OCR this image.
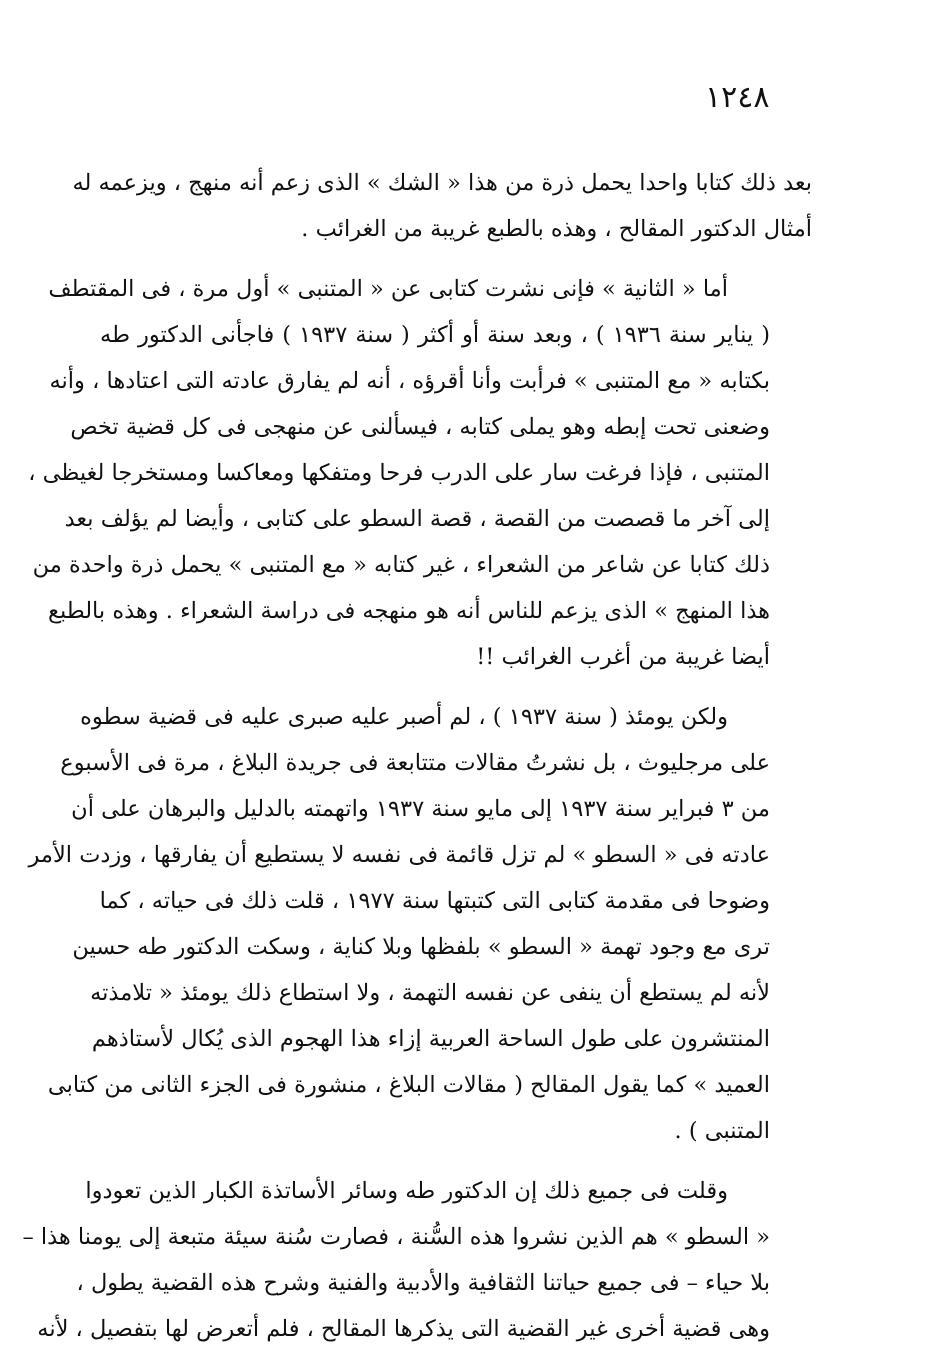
١٢٤٨

بعد ذلك كتابا واحدا يحمل ذرة من هذا « الشك » الذى زعم أنه منهج ، ويزعمه له
أمثال الدكتور المقالح ، وهذه بالطبع غريبة من الغرائب .

أما « الثانية » فإنى نشرت كتابى عن « المتنبى » أول مرة ، فى المقتطف
( يناير سنة ١٩٣٦ ) ، وبعد سنة أو أكثر ( سنة ١٩٣٧ ) فاجأنى الدكتور طه
بكتابه « مع المتنبى » فرأبت وأنا أقرؤه ، أنه لم يفارق عادته التى اعتادها ، وأنه
وضعنى تحت إبطه وهو يملى كتابه ، فيسألنى عن منهجى فى كل قضية تخص
المتنبى ، فإذا فرغت سار على الدرب فرحا ومتفكها ومعاكسا ومستخرجا لغيظى ،
إلى آخر ما قصصت من القصة ، قصة السطو على كتابى ، وأيضا لم يؤلف بعد
ذلك كتابا عن شاعر من الشعراء ، غير كتابه « مع المتنبى » يحمل ذرة واحدة من
هذا المنهج » الذى يزعم للناس أنه هو منهجه فى دراسة الشعراء . وهذه بالطبع
أيضا غريبة من أغرب الغرائب !!

ولكن يومئذ ( سنة ١٩٣٧ ) ، لم أصبر عليه صبرى عليه فى قضية سطوه
على مرجليوث ، بل نشرتُ مقالات متتابعة فى جريدة البلاغ ، مرة فى الأسبوع
من ٣ فبراير سنة ١٩٣٧ إلى مايو سنة ١٩٣٧ واتهمته بالدليل والبرهان على أن
عادته فى « السطو » لم تزل قائمة فى نفسه لا يستطيع أن يفارقها ، وزدت الأمر
وضوحا فى مقدمة كتابى التى كتبتها سنة ١٩٧٧ ، قلت ذلك فى حياته ، كما
ترى مع وجود تهمة « السطو » بلفظها وبلا كناية ، وسكت الدكتور طه حسين
لأنه لم يستطع أن ينفى عن نفسه التهمة ، ولا استطاع ذلك يومئذ « تلامذته
المنتشرون على طول الساحة العربية إزاء هذا الهجوم الذى يُكال لأستاذهم
العميد » كما يقول المقالح ( مقالات البلاغ ، منشورة فى الجزء الثانى من كتابى
المتنبى ) .

وقلت فى جميع ذلك إن الدكتور طه وسائر الأساتذة الكبار الذين تعودوا
« السطو » هم الذين نشروا هذه السُّنة ، فصارت سُنة سيئة متبعة إلى يومنا هذا –
بلا حياء – فى جميع حياتنا الثقافية والأدبية والفنية وشرح هذه القضية يطول ،
وهى قضية أخرى غير القضية التى يذكرها المقالح ، فلم أتعرض لها بتفصيل ، لأنه
